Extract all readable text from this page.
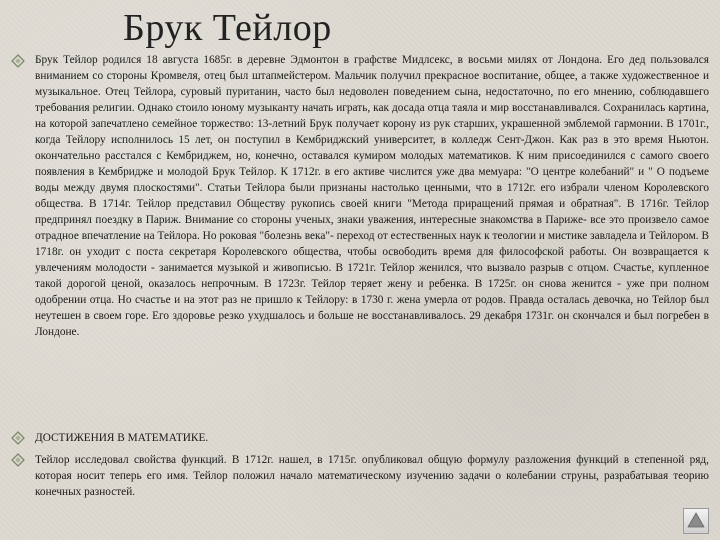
Брук Тейлор
Брук Тейлор родился 18 августа 1685г. в деревне Эдмонтон в графстве Мидлсекс, в восьми милях от Лондона. Его дед пользовался вниманием со стороны Кромвеля, отец был штапмейстером. Мальчик получил прекрасное воспитание, общее, а также художественное и музыкальное. Отец Тейлора, суровый пуританин, часто был недоволен поведением сына, недостаточно, по его мнению, соблюдавшего требования религии. Однако стоило юному музыканту начать играть, как досада отца таяла и мир восстанавливался. Сохранилась картина, на которой запечатлено семейное торжество: 13-летний Брук получает корону из рук старших, украшенной эмблемой гармонии. В 1701г., когда Тейлору исполнилось 15 лет, он поступил в Кембриджский университет, в колледж Сент-Джон. Как раз в это время Ньютон. окончательно расстался с Кембриджем, но, конечно, оставался кумиром молодых математиков. К ним присоединился с самого своего появления в Кембридже и молодой Брук Тейлор. К 1712г. в его активе числится уже два мемуара: "О центре колебаний" и " О подъеме воды между двумя плоскостями". Статьи Тейлора были признаны настолько ценными, что в 1712г. его избрали членом Королевского общества. В 1714г. Тейлор представил Обществу рукопись своей книги "Метода приращений прямая и обратная". В 1716г. Тейлор предпринял поездку в Париж. Внимание со стороны ученых, знаки уважения, интересные знакомства в Париже- все это произвело самое отрадное впечатление на Тейлора. Но роковая "болезнь века"- переход от естественных наук к теологии и мистике завладела и Тейлором. В 1718г. он уходит с поста секретаря Королевского общества, чтобы освободить время для философской работы. Он возвращается к увлечениям молодости - занимается музыкой и живописью. В 1721г. Тейлор женился, что вызвало разрыв с отцом. Счастье, купленное такой дорогой ценой, оказалось непрочным. В 1723г. Тейлор теряет жену и ребенка. В 1725г. он снова женится - уже при полном одобрении отца. Но счастье и на этот раз не пришло к Тейлору: в 1730 г. жена умерла от родов. Правда осталась девочка, но Тейлор был неутешен в своем горе. Его здоровье резко ухудшалось и больше не восстанавливалось. 29 декабря 1731г. он скончался и был погребен в Лондоне.
ДОСТИЖЕНИЯ В МАТЕМАТИКЕ.
Тейлор исследовал свойства функций. В 1712г. нашел, в 1715г. опубликовал общую формулу разложения функций в степенной ряд, которая носит теперь его имя. Тейлор положил начало математическому изучению задачи о колебании струны, разрабатывая теорию конечных разностей.
